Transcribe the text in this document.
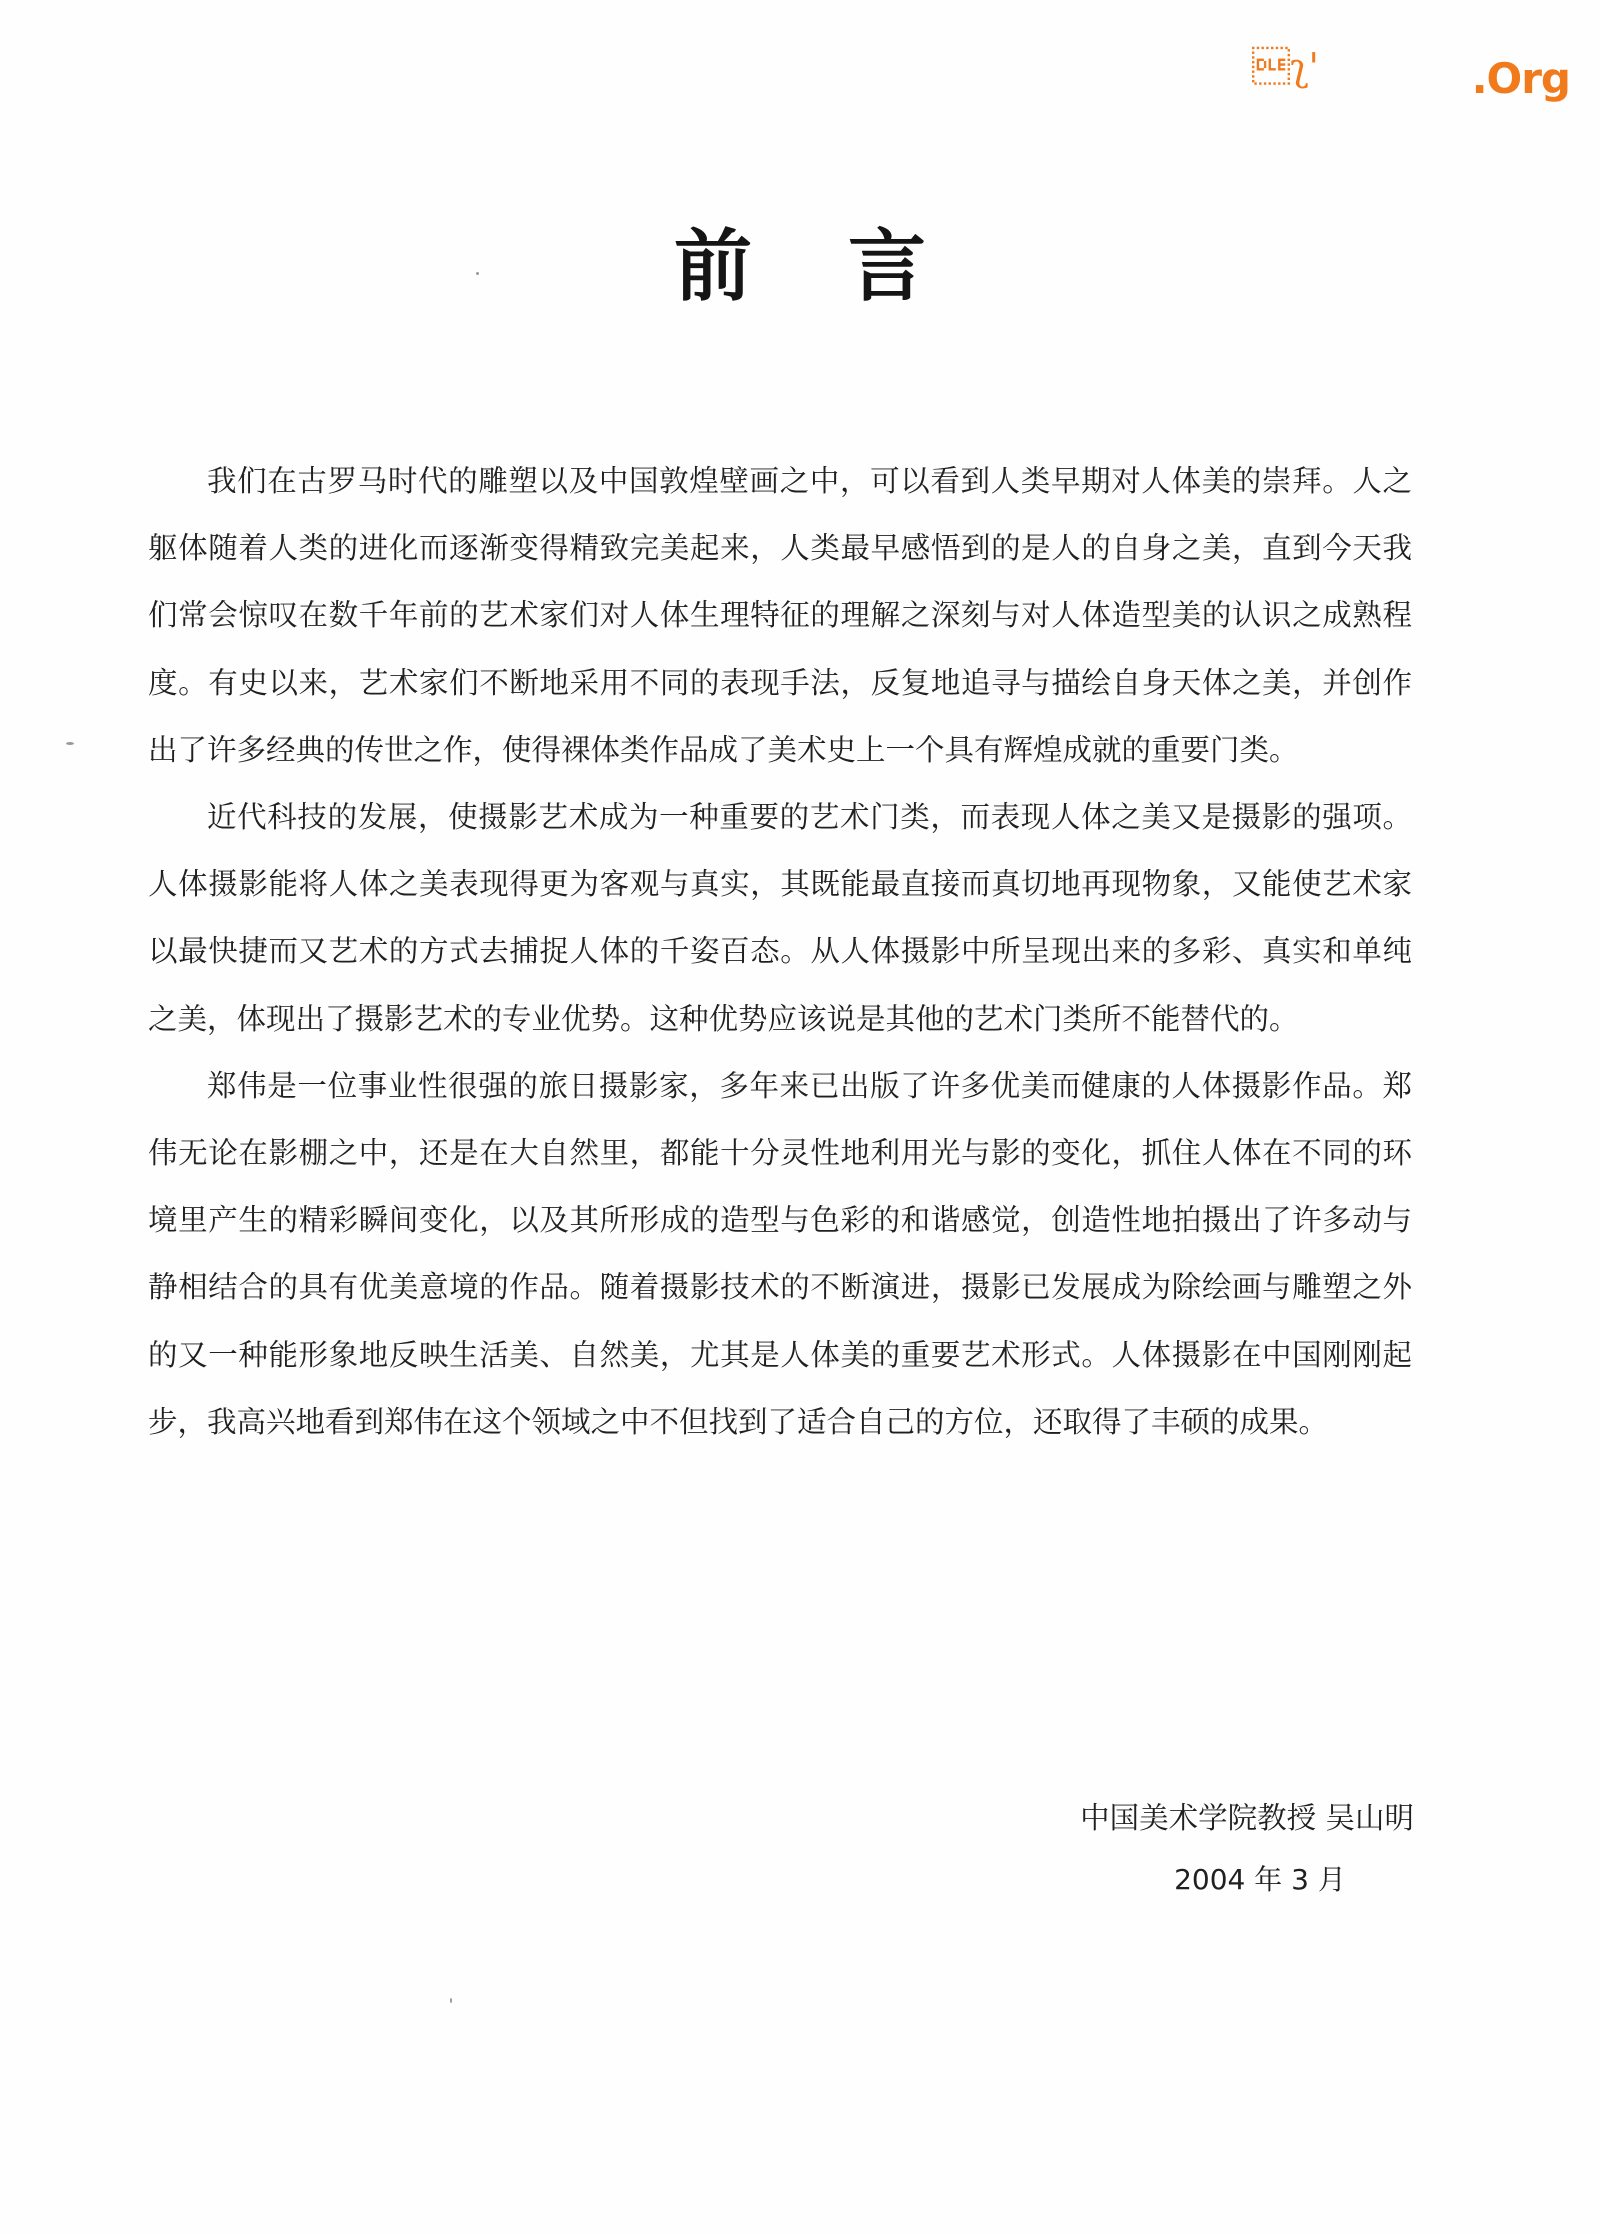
ʅ'	.Org
前 言

我们在古罗马时代的雕塑以及中国敦煌壁画之中，可以看到人类早期对人体美的崇拜。人之躯体随着人类的进化而逐渐变得精致完美起来，人类最早感悟到的是人的自身之美，直到今天我们常会惊叹在数千年前的艺术家们对人体生理特征的理解之深刻与对人体造型美的认识之成熟程度。有史以来，艺术家们不断地采用不同的表现手法，反复地追寻与描绘自身天体之美，并创作出了许多经典的传世之作，使得裸体类作品成了美术史上一个具有辉煌成就的重要门类。

近代科技的发展，使摄影艺术成为一种重要的艺术门类，而表现人体之美又是摄影的强项。人体摄影能将人体之美表现得更为客观与真实，其既能最直接而真切地再现物象，又能使艺术家以最快捷而又艺术的方式去捕捉人体的千姿百态。从人体摄影中所呈现出来的多彩、真实和单纯之美，体现出了摄影艺术的专业优势。这种优势应该说是其他的艺术门类所不能替代的。

郑伟是一位事业性很强的旅日摄影家，多年来已出版了许多优美而健康的人体摄影作品。郑伟无论在影棚之中，还是在大自然里，都能十分灵性地利用光与影的变化，抓住人体在不同的环境里产生的精彩瞬间变化，以及其所形成的造型与色彩的和谐感觉，创造性地拍摄出了许多动与静相结合的具有优美意境的作品。随着摄影技术的不断演进，摄影已发展成为除绘画与雕塑之外的又一种能形象地反映生活美、自然美，尤其是人体美的重要艺术形式。人体摄影在中国刚刚起步，我高兴地看到郑伟在这个领域之中不但找到了适合自己的方位，还取得了丰硕的成果。

中国美术学院教授 吴山明
2004 年 3 月
